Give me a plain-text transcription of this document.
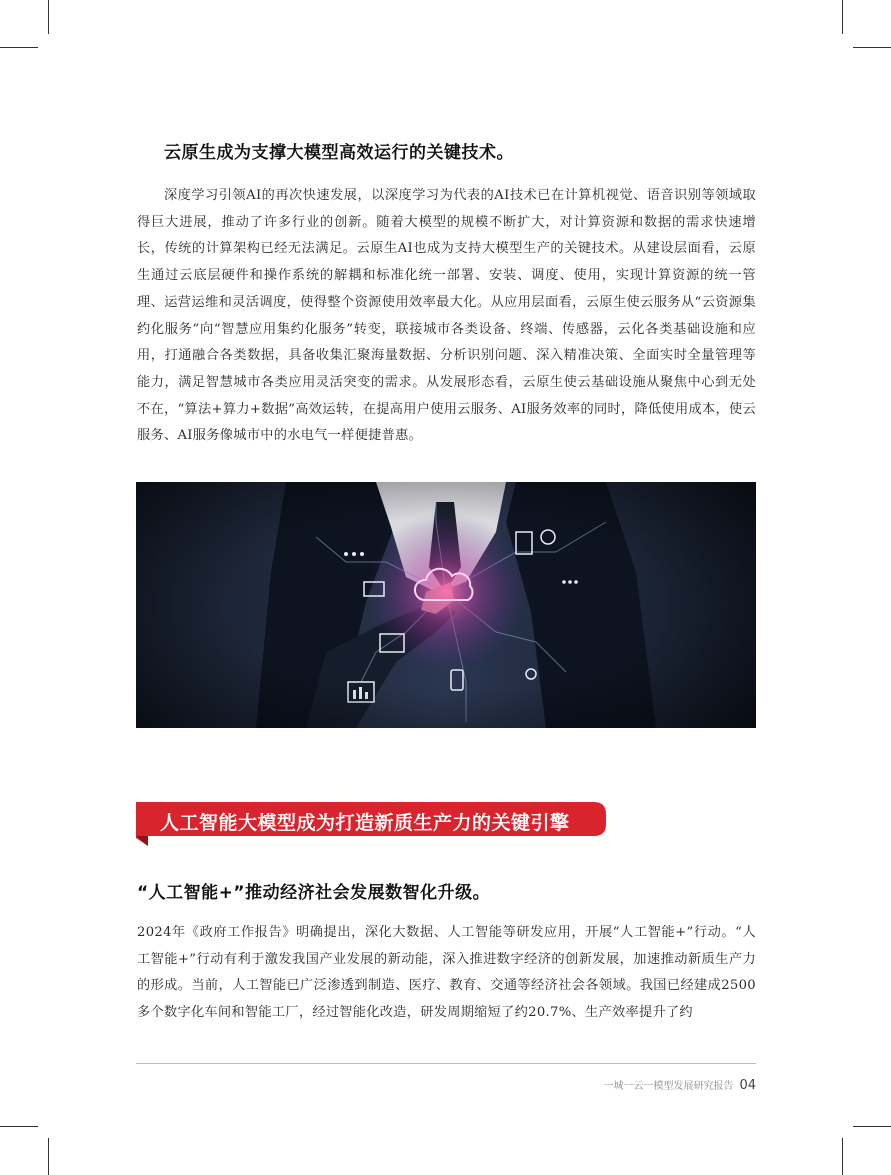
云原生成为支撑大模型高效运行的关键技术。
深度学习引领AI的再次快速发展，以深度学习为代表的AI技术已在计算机视觉、语音识别等领域取得巨大进展，推动了许多行业的创新。随着大模型的规模不断扩大，对计算资源和数据的需求快速增长，传统的计算架构已经无法满足。云原生AI也成为支持大模型生产的关键技术。从建设层面看，云原生通过云底层硬件和操作系统的解耦和标准化统一部署、安装、调度、使用，实现计算资源的统一管理、运营运维和灵活调度，使得整个资源使用效率最大化。从应用层面看，云原生使云服务从“云资源集约化服务”向“智慧应用集约化服务”转变，联接城市各类设备、终端、传感器，云化各类基础设施和应用，打通融合各类数据，具备收集汇聚海量数据、分析识别问题、深入精准决策、全面实时全量管理等能力，满足智慧城市各类应用灵活突变的需求。从发展形态看，云原生使云基础设施从聚焦中心到无处不在，“算法+算力+数据”高效运转，在提高用户使用云服务、AI服务效率的同时，降低使用成本，使云服务、AI服务像城市中的水电气一样便捷普惠。
人工智能大模型成为打造新质生产力的关键引擎
“人工智能+”推动经济社会发展数智化升级。
2024年《政府工作报告》明确提出，深化大数据、人工智能等研发应用，开展“人工智能+”行动。“人工智能+”行动有利于激发我国产业发展的新动能，深入推进数字经济的创新发展，加速推动新质生产力的形成。当前，人工智能已广泛渗透到制造、医疗、教育、交通等经济社会各领域。我国已经建成2500多个数字化车间和智能工厂，经过智能化改造，研发周期缩短了约20.7%、生产效率提升了约
一城一云一模型发展研究报告 04
